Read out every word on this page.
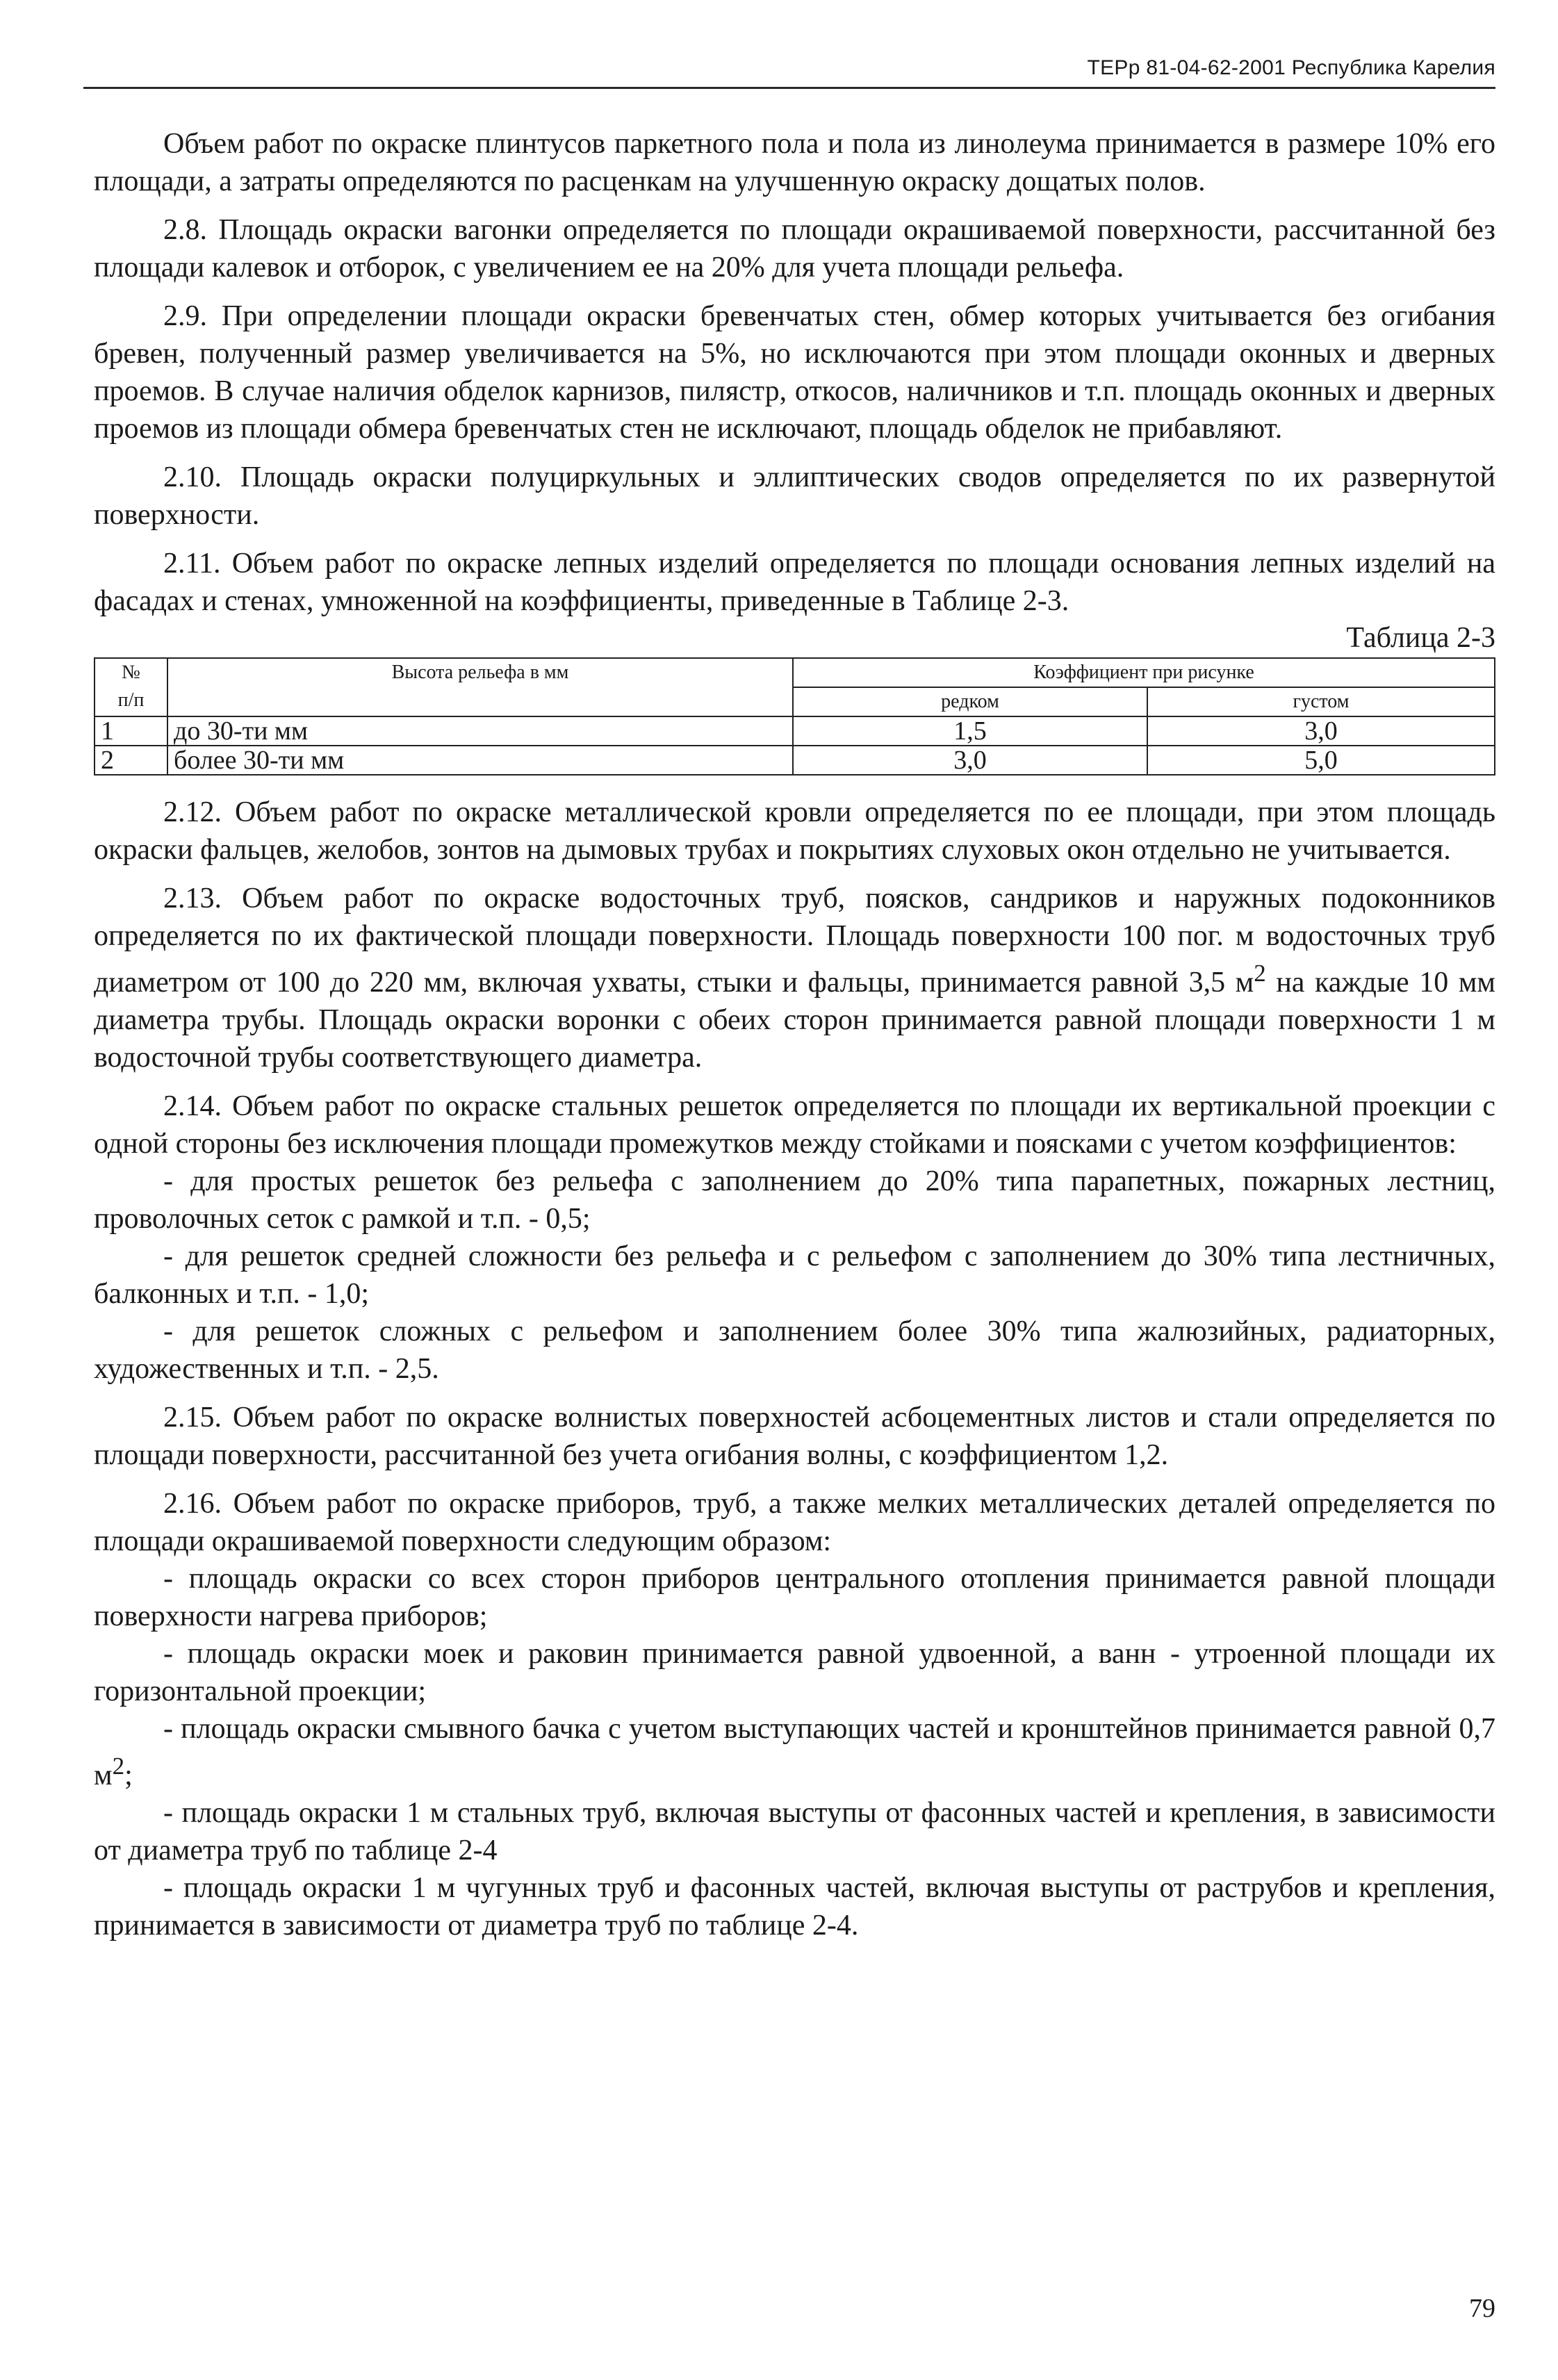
ТЕРр 81-04-62-2001 Республика Карелия

Объем работ по окраске плинтусов паркетного пола и пола из линолеума принимается в размере 10% его площади, а затраты определяются по расценкам на улучшенную окраску дощатых полов.

2.8. Площадь окраски вагонки определяется по площади окрашиваемой поверхности, рассчитанной без площади калевок и отборок, с увеличением ее на 20% для учета площади рельефа.

2.9. При определении площади окраски бревенчатых стен, обмер которых учитывается без огибания бревен, полученный размер увеличивается на 5%, но исключаются при этом площади оконных и дверных проемов. В случае наличия обделок карнизов, пилястр, откосов, наличников и т.п. площадь оконных и дверных проемов из площади обмера бревенчатых стен не исключают, площадь обделок не прибавляют.

2.10. Площадь окраски полуциркульных и эллиптических сводов определяется по их развернутой поверхности.

2.11. Объем работ по окраске лепных изделий определяется по площади основания лепных изделий на фасадах и стенах, умноженной на коэффициенты, приведенные в Таблице 2-3.

Таблица 2-3
№
п/п	Высота рельефа в мм	Коэффициент при рисунке	
		редком	густом
1	до 30-ти мм	1,5	3,0
2	более 30-ти мм	3,0	5,0

2.12. Объем работ по окраске металлической кровли определяется по ее площади, при этом площадь окраски фальцев, желобов, зонтов на дымовых трубах и покрытиях слуховых окон отдельно не учитывается.

2.13. Объем работ по окраске водосточных труб, поясков, сандриков и наружных подоконников определяется по их фактической площади поверхности. Площадь поверхности 100 пог. м водосточных труб диаметром от 100 до 220 мм, включая ухваты, стыки и фальцы, принимается равной 3,5 $м^2$ на каждые 10 мм диаметра трубы. Площадь окраски воронки с обеих сторон принимается равной площади поверхности 1 м водосточной трубы соответствующего диаметра.

2.14. Объем работ по окраске стальных решеток определяется по площади их вертикальной проекции с одной стороны без исключения площади промежутков между стойками и поясками с учетом коэффициентов:

- для простых решеток без рельефа с заполнением до 20% типа парапетных, пожарных лестниц, проволочных сеток с рамкой и т.п. - 0,5;

- для решеток средней сложности без рельефа и с рельефом с заполнением до 30% типа лестничных, балконных и т.п. - 1,0;

- для решеток сложных с рельефом и заполнением более 30% типа жалюзийных, радиаторных, художественных и т.п. - 2,5.

2.15. Объем работ по окраске волнистых поверхностей асбоцементных листов и стали определяется по площади поверхности, рассчитанной без учета огибания волны, с коэффициентом 1,2.

2.16. Объем работ по окраске приборов, труб, а также мелких металлических деталей определяется по площади окрашиваемой поверхности следующим образом:

- площадь окраски со всех сторон приборов центрального отопления принимается равной площади поверхности нагрева приборов;

- площадь окраски моек и раковин принимается равной удвоенной, а ванн - утроенной площади их горизонтальной проекции;

- площадь окраски смывного бачка с учетом выступающих частей и кронштейнов принимается равной 0,7 $м^2$;

- площадь окраски 1 м стальных труб, включая выступы от фасонных частей и крепления, в зависимости от диаметра труб по таблице 2-4

- площадь окраски 1 м чугунных труб и фасонных частей, включая выступы от раструбов и крепления, принимается в зависимости от диаметра труб по таблице 2-4.

79
